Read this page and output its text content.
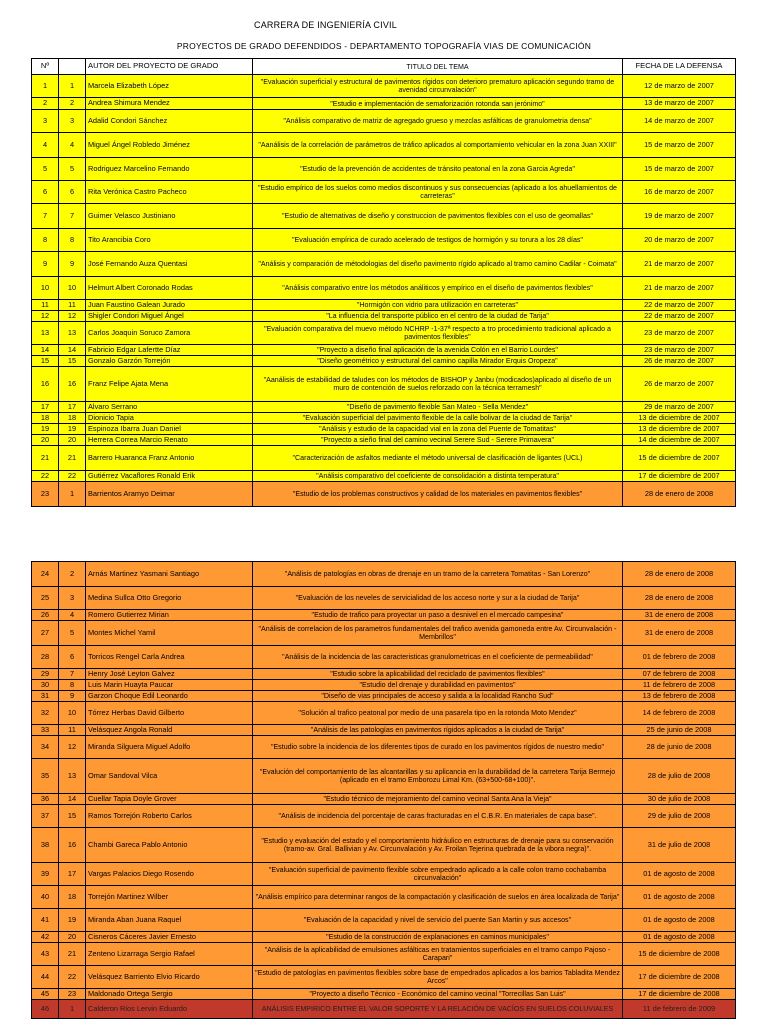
CARRERA DE INGENIERÍA CIVIL
PROYECTOS DE GRADO DEFENDIDOS - DEPARTAMENTO TOPOGRAFÍA VIAS DE COMUNICACIÓN
Nº		AUTOR DEL PROYECTO DE GRADO	TITULO DEL TEMA	FECHA DE LA DEFENSA
1	1	Marcela Elizabeth López	"Evaluación superficial y estructural de pavimentos rígidos con deterioro prematuro aplicación segundo tramo de avenidad circunvalación"	12 de marzo de 2007
2	2	Andrea Shimura Mendez	"Estudio e implementación de semaforización rotonda san jerónimo"	13 de marzo de 2007
3	3	Adalid Condori Sánchez	"Análisis comparativo de matriz de agregado grueso y mezclas asfálticas de granulometria densa"	14 de marzo de 2007
4	4	Miguel Ángel Robledo Jiménez	"Aanálisis de la correlación de parámetros de tráfico aplicados al comportamiento vehicular en la zona Juan XXIII"	15 de marzo de 2007
5	5	Rodriguez Marcelino Fernando	"Estudio de la prevención de accidentes de tránsito peatonal en la zona Garcia Agreda"	15 de marzo de 2007
6	6	Rita Verónica Castro Pacheco	"Estudio empírico de los suelos como medios discontinuos y sus consecuencias (aplicado a los ahuellamientos de carreteras"	16 de marzo de 2007
7	7	Guimer Velasco Justiniano	"Estudio de alternativas de diseño y construccion de pavimentos flexibles con el uso de geomallas"	19 de marzo de 2007
8	8	Tito Arancibia Coro	"Evaluación empírica de curado acelerado de testigos de hormigón y su torura a los 28 días"	20 de marzo de 2007
9	9	José Fernando Auza Quentasi	"Análisis y comparación de métodologias del diseño pavimento rígido aplicado al tramo camino Cadilar - Coimata"	21 de marzo de 2007
10	10	Helmurt Albert Coronado Rodas	"Análisis comparativo entre los métodos análiticos y empírico en el diseño de pavimentos flexibles"	21 de marzo de 2007
11	11	Juan Faustino Galean Jurado	"Hormigón con vidrio para utilización en carreteras"	22 de marzo de 2007
12	12	Shigler Condori Miguel Ángel	"La influencia del transporte público en el centro de la ciudad de Tarija"	22 de marzo de 2007
13	13	Carlos Joaquin Soruco Zamora	"Evaluación comparativa del muevo método NCHRP -1-37ª respecto a tro procedimiento tradicional aplicado a pavimentos flexibles"	23 de marzo de 2007
14	14	Fabricio Edgar Lafertte Díaz	"Proyecto a diseño final aplicación de la avenida Colón en el Barrio Lourdes"	23 de marzo de 2007
15	15	Gonzalo Garzón Torrejón	"Diseño geométrico y estructural del camino capilla Mirador Erquis Oropeza"	26 de marzo de 2007
16	16	Franz Felipe Ajata Mena	"Aanálisis de estabilidad de taludes con los métodos de BISHOP y Janbu (modicados)aplicado al diseño de un muro de contención de suelos reforzado con la técnica terramesh"	26 de marzo de 2007
17	17	Alvaro Serrano	"Diseño de pavimento flexible San Mateo - Sella Mendez"	29 de marzo de 2007
18	18	Dionicio Tapia	"Evaluación superficial del pavimento flexible de la calle bolivar de la ciudad de Tarija"	13 de diciembre de 2007
19	19	Espinoza Ibarra Juan Daniel	"Análisis y estudio de la capacidad vial en la zona del Puente de Tomatitas"	13 de diciembre de 2007
20	20	Herrera Correa Marcio Renato	"Proyecto a sieño final del camino vecinal Serere Sud - Serere Primavera"	14 de diciembre de 2007
21	21	Barrero Huaranca Franz Antonio	"Caracterización de asfaltos mediante el método universal de clasificación de ligantes (UCL)	15 de diciembre de 2007
22	22	Gutiérrez Vacaflores Ronald Erik	"Análisis comparativo del coeficiente de consolidación a distinta temperatura"	17 de diciembre de 2007
23	1	Barrientos Aramyo Deimar	"Estudio de los problemas constructivos y calidad de los materiales en pavimentos flexibles"	28 de enero de 2008
24	2	Arnás Martinez Yasmani Santiago	"Análisis de patologías en obras de drenaje en un tramo de la carretera Tomatitas - San Lorenzo"	28 de enero de 2008
25	3	Medina Sullca Otto Gregorio	"Evaluación de los neveles de servicialidad de los acceso norte y sur a la ciudad de Tarija"	28 de enero de 2008
26	4	Romero Gutierrez Mirian	"Estudio de trafico para proyectar un paso a desnivel en el mercado campesina"	31 de enero de 2008
27	5	Montes Michel Yamil	"Análisis de correlacion de los parametros fundamentales del trafico avenida gamoneda entre Av. Circunvalación - Membrillos"	31 de enero de 2008
28	6	Torricos Rengel Carla Andrea	"Análisis de la incidencia de las caracteristicas granulometricas en el coeficiente de permeabilidad"	01 de febrero de 2008
29	7	Henry José Leyton Galvez	"Estudio sobre la aplicabilidad del reciclado de pavimentos flexibles"	07 de febrero de 2008
30	8	Luis Marin Huayta Paucar	"Estudio del drenaje y durabilidad en pavimentos"	11 de febrero de 2008
31	9	Garzon Choque Edil Leonardo	"Diseño de vias principales de acceso y salida a la localidad Rancho Sud"	13 de febrero de 2008
32	10	Tórrez Herbas David Gilberto	"Solución al trafico peatonal por medio de una pasarela tipo en la rotonda Moto Mendez"	14 de febrero de 2008
33	11	Velásquez Angola Ronald	"Análisis de las patologías en pavimentos rígidos aplicados a la ciudad de Tarija"	25 de junio de 2008
34	12	Miranda Silguera Miguel Adolfo	"Estudio sobre la incidencia de los diferentes tipos de curado en los pavimentos rígidos de nuestro medio"	28 de junio de 2008
35	13	Omar Sandoval Vilca	"Evalución del comportamiento de las alcantarillas y su aplicancia en la durabilidad de la carretera Tarija Bermejo (aplicado en el tramo Emborozu Limal Km. (63+500-68+100)".	28 de julio de 2008
36	14	Cuellar Tapia Doyle Grover	"Estudio técnico de mejoramiento del camino vecinal Santa Ana la Vieja"	30 de julio de 2008
37	15	Ramos Torrejón Roberto Carlos	"Análisis de incidencia del porcentaje de caras fracturadas en el C.B.R. En materiales de capa base".	29 de julio de 2008
38	16	Chambi Gareca Pablo Antonio	"Estudio y evaluación del estado y el comportamiento hidráulico en estructuras de drenaje para su conservación (tramo-av. Gral. Ballivian y Av. Circunvalación y Av. Froilan Tejerina quebrada de la vibora negra)".	31 de julio de 2008
39	17	Vargas Palacios Diego Rosendo	"Evaluación superficial de pavimento flexible sobre empedrado aplicado a la calle colon tramo cochabamba circunvalación"	01 de agosto de 2008
40	18	Torrejón Martinez Wilber	"Análisis empírico para determinar rangos de la compactación y clasificación de suelos en área localizada de Tarija"	01 de agosto de 2008
41	19	Miranda Aban Juana Raquel	"Evaluación de la capacidad y nivel de servicio del puente San Martin y sus accesos"	01 de agosto de 2008
42	20	Cisneros Cáceres Javier Ernesto	"Estudio de la construcción de explanaciones en caminos municipales"	01 de agosto de 2008
43	21	Zenteno Lizarraga Sergio Rafael	"Análisis de la aplicabilidad de emulsiones asfálticas en tratamientos superficiales en el tramo campo Pajoso - Carapari"	15 de diciembre de 2008
44	22	Velásquez Barriento Elvio Ricardo	"Estudio de patologías en pavimentos flexibles sobre base de empedrados aplicados a los barrios Tabladita Mendez Arcos"	17 de diciembre de 2008
45	23	Maldonado Ortega Sergio	"Proyecto a diseño Técnico - Económico del camino vecinal "Torrecillas San Luis"	17 de diciembre de 2008
46	1	Calderon Rios Lervin Eduardo	ANÁLISIS EMPIRICO ENTRE EL VALOR SOPORTE Y LA RELACIÓN DE VACÍOS EN SUELOS COLUVIALES	11 de febrero de 2009
